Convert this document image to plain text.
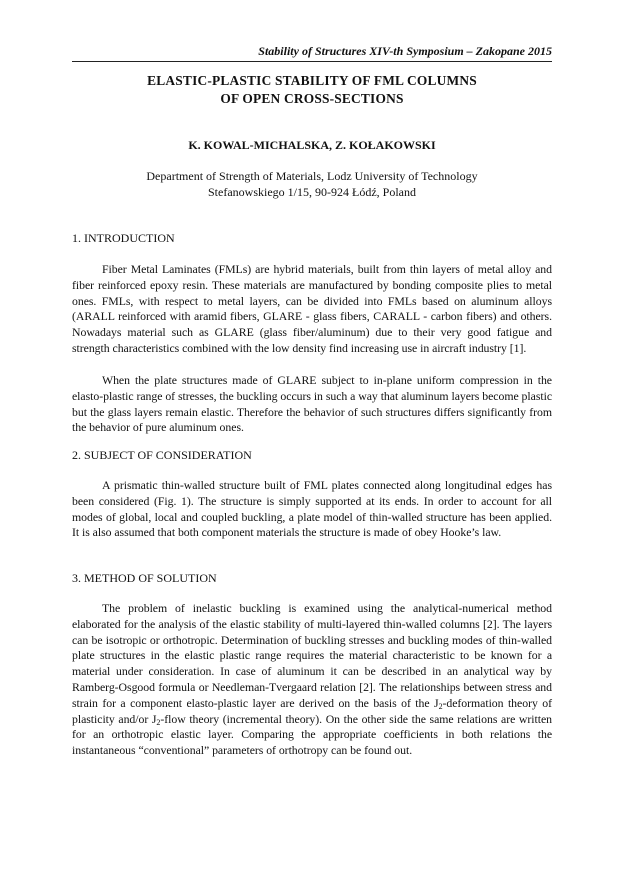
Stability of Structures XIV-th Symposium – Zakopane 2015
ELASTIC-PLASTIC STABILITY OF FML COLUMNS
OF OPEN CROSS-SECTIONS
K. KOWAL-MICHALSKA, Z. KOŁAKOWSKI
Department of Strength of Materials, Lodz University of Technology
Stefanowskiego 1/15, 90-924 Łódź, Poland
1. INTRODUCTION

Fiber Metal Laminates (FMLs) are hybrid materials, built from thin layers of metal alloy and fiber reinforced epoxy resin. These materials are manufactured by bonding composite plies to metal ones. FMLs, with respect to metal layers, can be divided into FMLs based on aluminum alloys (ARALL reinforced with aramid fibers, GLARE - glass fibers, CARALL - carbon fibers) and others. Nowadays material such as GLARE (glass fiber/aluminum) due to their very good fatigue and strength characteristics combined with the low density find increasing use in aircraft industry [1].

When the plate structures made of GLARE subject to in-plane uniform compression in the elasto-plastic range of stresses, the buckling occurs in such a way that aluminum layers become plastic but the glass layers remain elastic. Therefore the behavior of such structures differs significantly from the behavior of pure aluminum ones.

2. SUBJECT OF CONSIDERATION

A prismatic thin-walled structure built of FML plates connected along longitudinal edges has been considered (Fig. 1). The structure is simply supported at its ends. In order to account for all modes of global, local and coupled buckling, a plate model of thin-walled structure has been applied. It is also assumed that both component materials the structure is made of obey Hooke’s law.

3. METHOD OF SOLUTION

The problem of inelastic buckling is examined using the analytical-numerical method elaborated for the analysis of the elastic stability of multi-layered thin-walled columns [2]. The layers can be isotropic or orthotropic. Determination of buckling stresses and buckling modes of thin-walled plate structures in the elastic plastic range requires the material characteristic to be known for a material under consideration. In case of aluminum it can be described in an analytical way by Ramberg-Osgood formula or Needleman-Tvergaard relation [2]. The relationships between stress and strain for a component elasto-plastic layer are derived on the basis of the $J_2$-deformation theory of plasticity and/or $J_2$-flow theory (incremental theory). On the other side the same relations are written for an orthotropic elastic layer. Comparing the appropriate coefficients in both relations the instantaneous “conventional” parameters of orthotropy can be found out.
